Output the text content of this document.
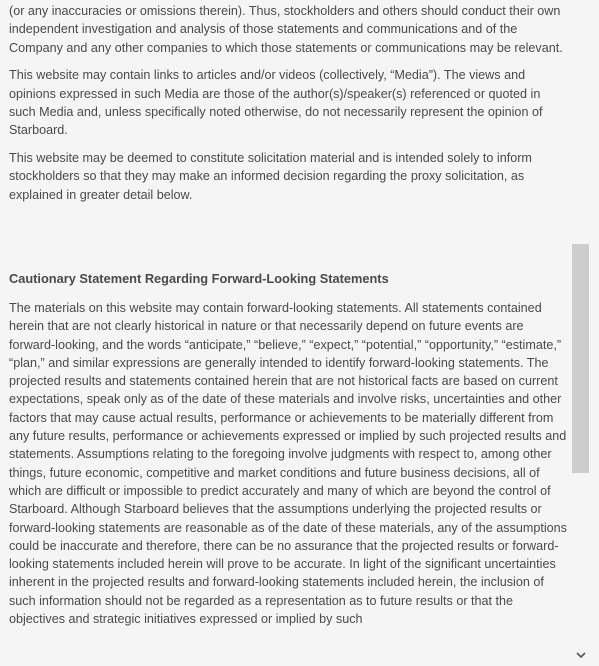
(or any inaccuracies or omissions therein). Thus, stockholders and others should conduct their own independent investigation and analysis of those statements and communications and of the Company and any other companies to which those statements or communications may be relevant.

This website may contain links to articles and/or videos (collectively, “Media”). The views and opinions expressed in such Media are those of the author(s)/speaker(s) referenced or quoted in such Media and, unless specifically noted otherwise, do not necessarily represent the opinion of Starboard.

This website may be deemed to constitute solicitation material and is intended solely to inform stockholders so that they may make an informed decision regarding the proxy solicitation, as explained in greater detail below.

Cautionary Statement Regarding Forward-Looking Statements

The materials on this website may contain forward-looking statements. All statements contained herein that are not clearly historical in nature or that necessarily depend on future events are forward-looking, and the words “anticipate,” “believe,” “expect,” “potential,” “opportunity,” “estimate,” “plan,” and similar expressions are generally intended to identify forward-looking statements. The projected results and statements contained herein that are not historical facts are based on current expectations, speak only as of the date of these materials and involve risks, uncertainties and other factors that may cause actual results, performance or achievements to be materially different from any future results, performance or achievements expressed or implied by such projected results and statements. Assumptions relating to the foregoing involve judgments with respect to, among other things, future economic, competitive and market conditions and future business decisions, all of which are difficult or impossible to predict accurately and many of which are beyond the control of Starboard. Although Starboard believes that the assumptions underlying the projected results or forward-looking statements are reasonable as of the date of these materials, any of the assumptions could be inaccurate and therefore, there can be no assurance that the projected results or forward-looking statements included herein will prove to be accurate. In light of the significant uncertainties inherent in the projected results and forward-looking statements included herein, the inclusion of such information should not be regarded as a representation as to future results or that the objectives and strategic initiatives expressed or implied by such
